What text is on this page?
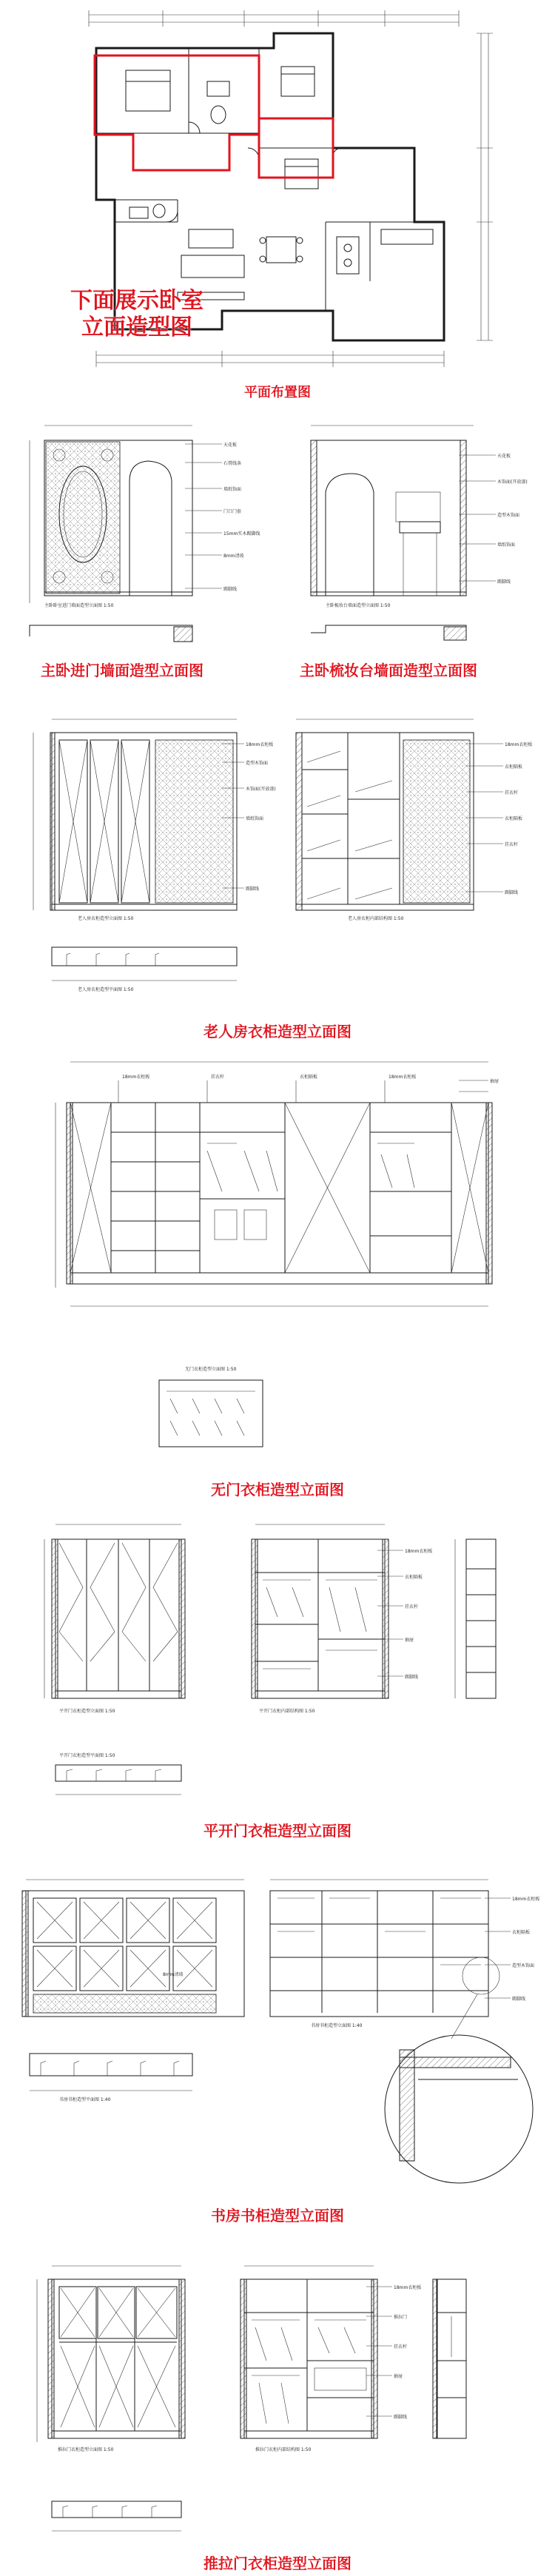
下面展示卧室
立面造型图
平面布置图
天花板
石膏线条
墙纸饰面
门口门套
15mm实木踢脚线
8mm清玻
踢脚线
天花板
木饰面(开放漆)
造型木饰面
墙纸饰面
踢脚线
主卧卧室进门墙面造型立面图 1:50	主卧梳妆台墙面造型立面图 1:50
主卧进门墙面造型立面图	主卧梳妆台墙面造型立面图
18mm衣柜板
造型木饰面
木饰面(开放漆)
墙纸饰面
踢脚线
18mm衣柜板
衣柜隔板
挂衣杆
衣柜隔板
挂衣杆
踢脚线
老人房衣柜造型立面图 1:50	老人房衣柜内部结构图 1:50
老人房衣柜造型平面图 1:50
老人房衣柜造型立面图
18mm衣柜板	挂衣杆	衣柜隔板	18mm衣柜板
抽屉
无门衣柜造型立面图 1:50
无门衣柜造型立面图
18mm衣柜板
衣柜隔板
挂衣杆
抽屉
踢脚线
平开门衣柜造型立面图 1:50	平开门衣柜内部结构图 1:50
平开门衣柜造型平面图 1:50
平开门衣柜造型立面图
18mm衣柜板
衣柜隔板
造型木饰面
踢脚线
8mm清玻
书房书柜造型立面图 1:40
书房书柜造型平面图 1:40
书房书柜造型立面图
18mm衣柜板
推拉门
挂衣杆
抽屉
踢脚线
推拉门衣柜造型立面图 1:50	推拉门衣柜内部结构图 1:50
推拉门衣柜造型立面图
